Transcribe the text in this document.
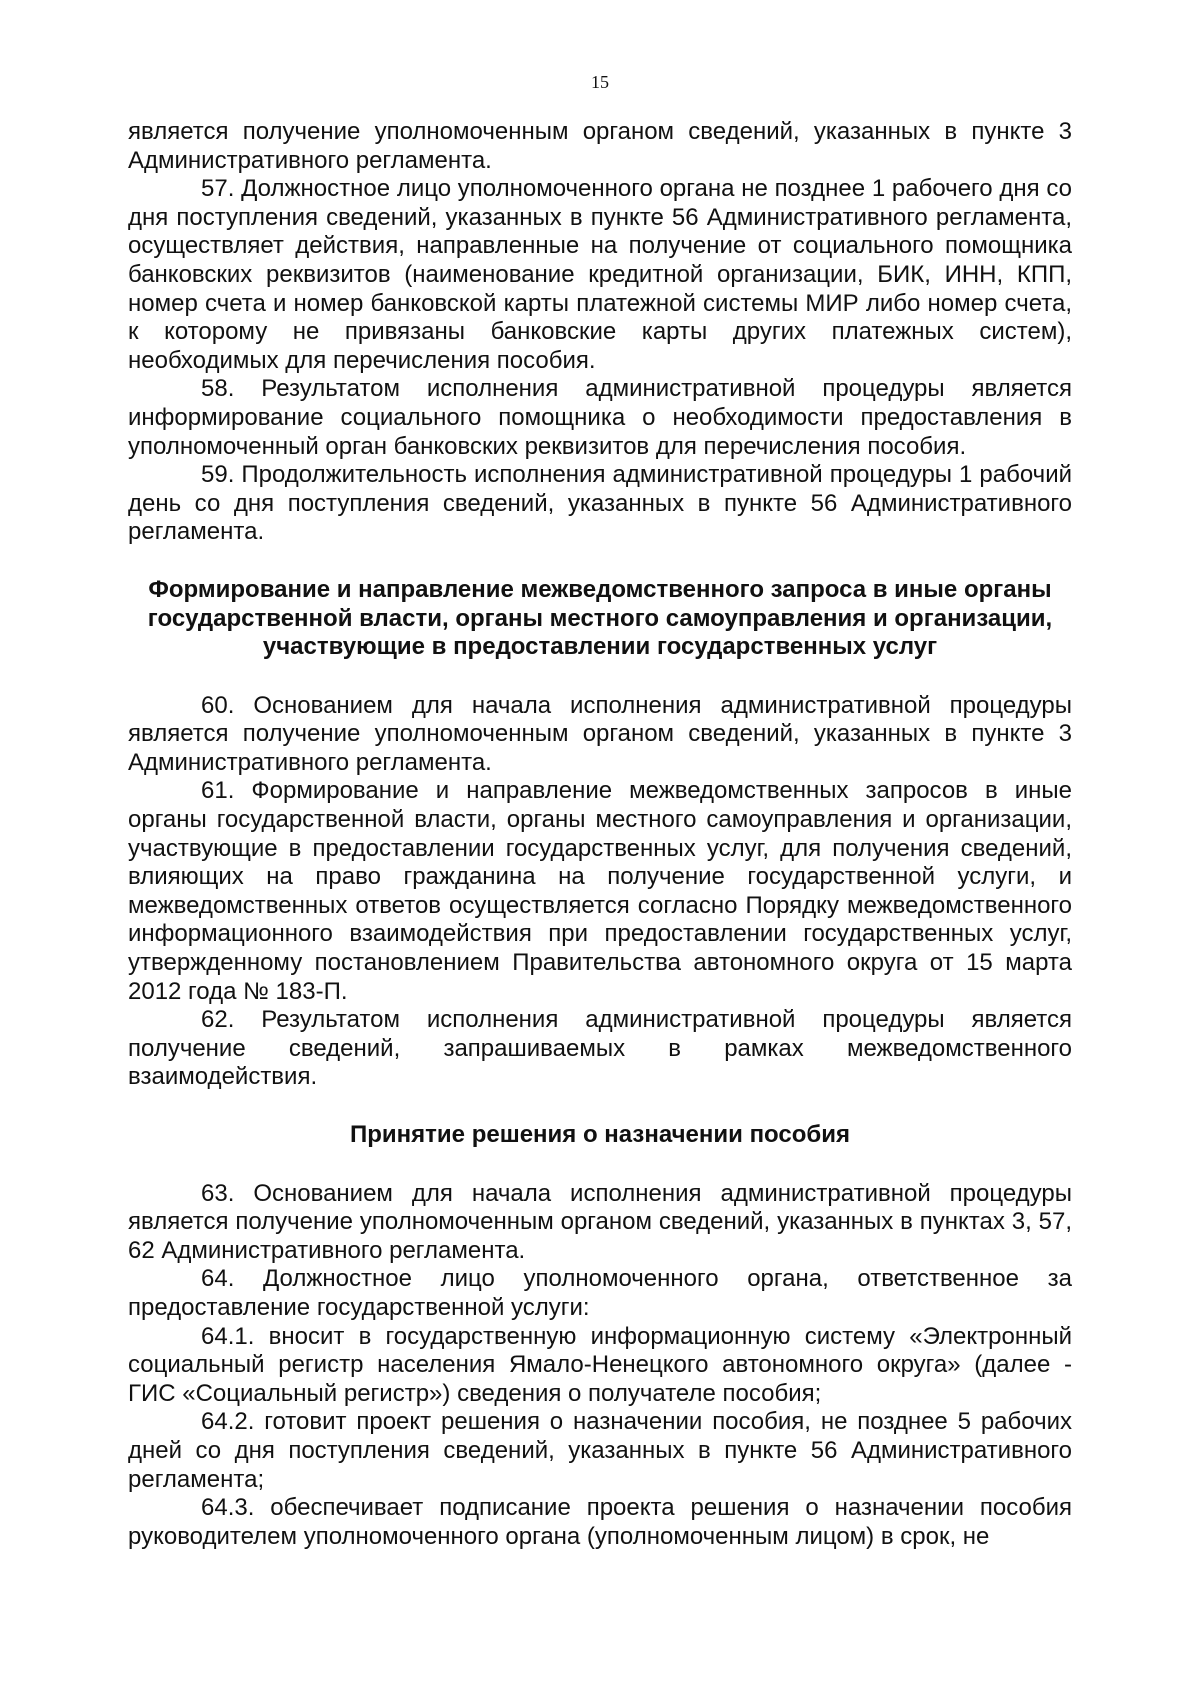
15

является получение уполномоченным органом сведений, указанных в пункте 3 Административного регламента.

57. Должностное лицо уполномоченного органа не позднее 1 рабочего дня со дня поступления сведений, указанных в пункте 56 Административного регламента, осуществляет действия, направленные на получение от социального помощника банковских реквизитов (наименование кредитной организации, БИК, ИНН, КПП, номер счета и номер банковской карты платежной системы МИР либо номер счета, к которому не привязаны банковские карты других платежных систем), необходимых для перечисления пособия.

58. Результатом исполнения административной процедуры является информирование социального помощника о необходимости предоставления в уполномоченный орган банковских реквизитов для перечисления пособия.

59. Продолжительность исполнения административной процедуры 1 рабочий день со дня поступления сведений, указанных в пункте 56 Административного регламента.

Формирование и направление межведомственного запроса в иные органы государственной власти, органы местного самоуправления и организации, участвующие в предоставлении государственных услуг

60. Основанием для начала исполнения административной процедуры является получение уполномоченным органом сведений, указанных в пункте 3 Административного регламента.

61. Формирование и направление межведомственных запросов в иные органы государственной власти, органы местного самоуправления и организации, участвующие в предоставлении государственных услуг, для получения сведений, влияющих на право гражданина на получение государственной услуги, и межведомственных ответов осуществляется согласно Порядку межведомственного информационного взаимодействия при предоставлении государственных услуг, утвержденному постановлением Правительства автономного округа от 15 марта 2012 года № 183-П.

62. Результатом исполнения административной процедуры является получение сведений, запрашиваемых в рамках межведомственного взаимодействия.

Принятие решения о назначении пособия

63. Основанием для начала исполнения административной процедуры является получение уполномоченным органом сведений, указанных в пунктах 3, 57, 62 Административного регламента.

64. Должностное лицо уполномоченного органа, ответственное за предоставление государственной услуги:

64.1. вносит в государственную информационную систему «Электронный социальный регистр населения Ямало-Ненецкого автономного округа» (далее - ГИС «Социальный регистр») сведения о получателе пособия;

64.2. готовит проект решения о назначении пособия, не позднее 5 рабочих дней со дня поступления сведений, указанных в пункте 56 Административного регламента;

64.3. обеспечивает подписание проекта решения о назначении пособия руководителем уполномоченного органа (уполномоченным лицом) в срок, не
